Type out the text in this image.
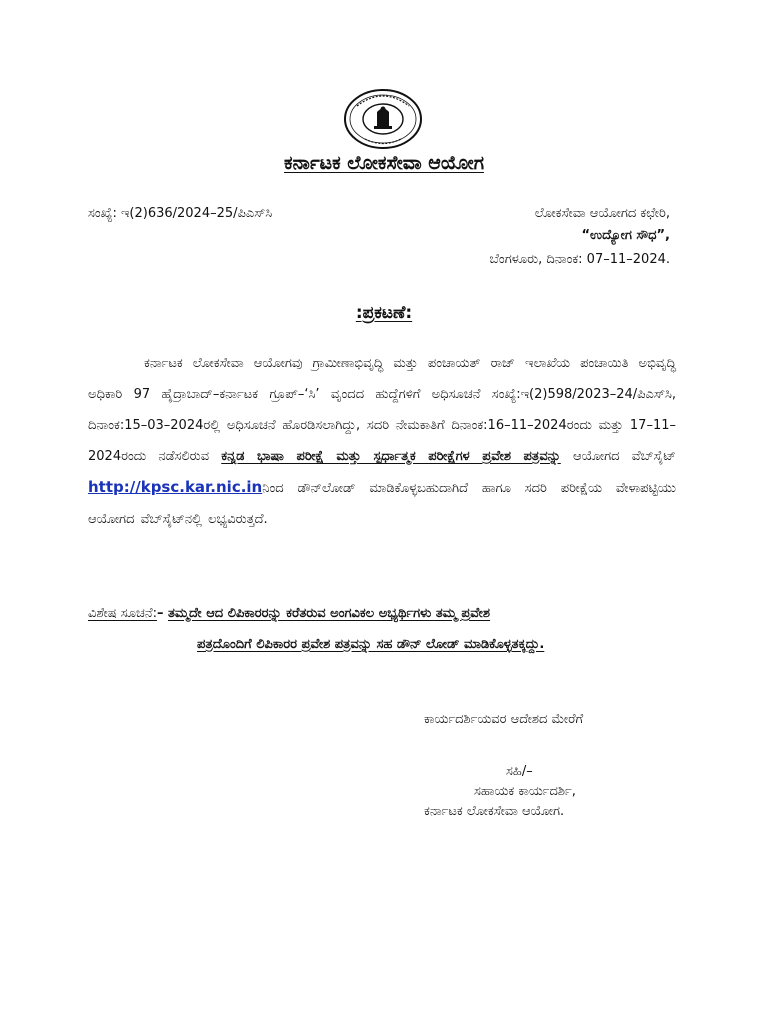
ಕರ್ನಾಟಕ ಲೋಕಸೇವಾ ಆಯೋಗ
ಸಂಖ್ಯೆ: ಇ(2)636/2024–25/ಪಿಎಸ್‌ಸಿ	ಲೋಕಸೇವಾ ಆಯೋಗದ ಕಛೇರಿ,
“ಉದ್ಯೋಗ ಸೌಧ”,
ಬೆಂಗಳೂರು, ದಿನಾಂಕ: 07–11–2024.
:ಪ್ರಕಟಣೆ:
ಕರ್ನಾಟಕ ಲೋಕಸೇವಾ ಆಯೋಗವು ಗ್ರಾಮೀಣಾಭಿವೃದ್ಧಿ ಮತ್ತು ಪಂಚಾಯತ್ ರಾಜ್ ಇಲಾಖೆಯ ಪಂಚಾಯಿತಿ ಅಭಿವೃದ್ಧಿ ಅಧಿಕಾರಿ 97 ಹೈದ್ರಾಬಾದ್–ಕರ್ನಾಟಕ ಗ್ರೂಪ್–‘ಸಿ’ ವೃಂದದ ಹುದ್ದೆಗಳಿಗೆ ಅಧಿಸೂಚನೆ ಸಂಖ್ಯೆ:ಇ(2)598/2023–24/ಪಿಎಸ್‌ಸಿ, ದಿನಾಂಕ:15–03–2024ರಲ್ಲಿ ಅಧಿಸೂಚನೆ ಹೊರಡಿಸಲಾಗಿದ್ದು, ಸದರಿ ನೇಮಕಾತಿಗೆ ದಿನಾಂಕ:16–11–2024ರಂದು ಮತ್ತು 17–11–2024ರಂದು ನಡೆಸಲಿರುವ ಕನ್ನಡ ಭಾಷಾ ಪರೀಕ್ಷೆ ಮತ್ತು ಸ್ಪರ್ಧಾತ್ಮಕ ಪರೀಕ್ಷೆಗಳ ಪ್ರವೇಶ ಪತ್ರವನ್ನು ಆಯೋಗದ ವೆಬ್‌ಸೈಟ್ http://kpsc.kar.nic.inನಿಂದ ಡೌನ್‌ಲೋಡ್ ಮಾಡಿಕೊಳ್ಳಬಹುದಾಗಿದೆ ಹಾಗೂ ಸದರಿ ಪರೀಕ್ಷೆಯ ವೇಳಾಪಟ್ಟಿಯು ಆಯೋಗದ ವೆಬ್‌ಸೈಟ್‌ನಲ್ಲಿ ಲಭ್ಯವಿರುತ್ತದೆ.
ವಿಶೇಷ ಸೂಚನೆ:– ತಮ್ಮದೇ ಆದ ಲಿಪಿಕಾರರನ್ನು ಕರೆತರುವ ಅಂಗವಿಕಲ ಅಭ್ಯರ್ಥಿಗಳು ತಮ್ಮ ಪ್ರವೇಶ
ಪತ್ರದೊಂದಿಗೆ ಲಿಪಿಕಾರರ ಪ್ರವೇಶ ಪತ್ರವನ್ನು ಸಹ ಡೌನ್ ಲೋಡ್ ಮಾಡಿಕೊಳ್ಳತಕ್ಕದ್ದು.
ಕಾರ್ಯದರ್ಶಿಯವರ ಆದೇಶದ ಮೇರೆಗೆ
ಸಹಿ/–
ಸಹಾಯಕ ಕಾರ್ಯದರ್ಶಿ,
ಕರ್ನಾಟಕ ಲೋಕಸೇವಾ ಆಯೋಗ.
